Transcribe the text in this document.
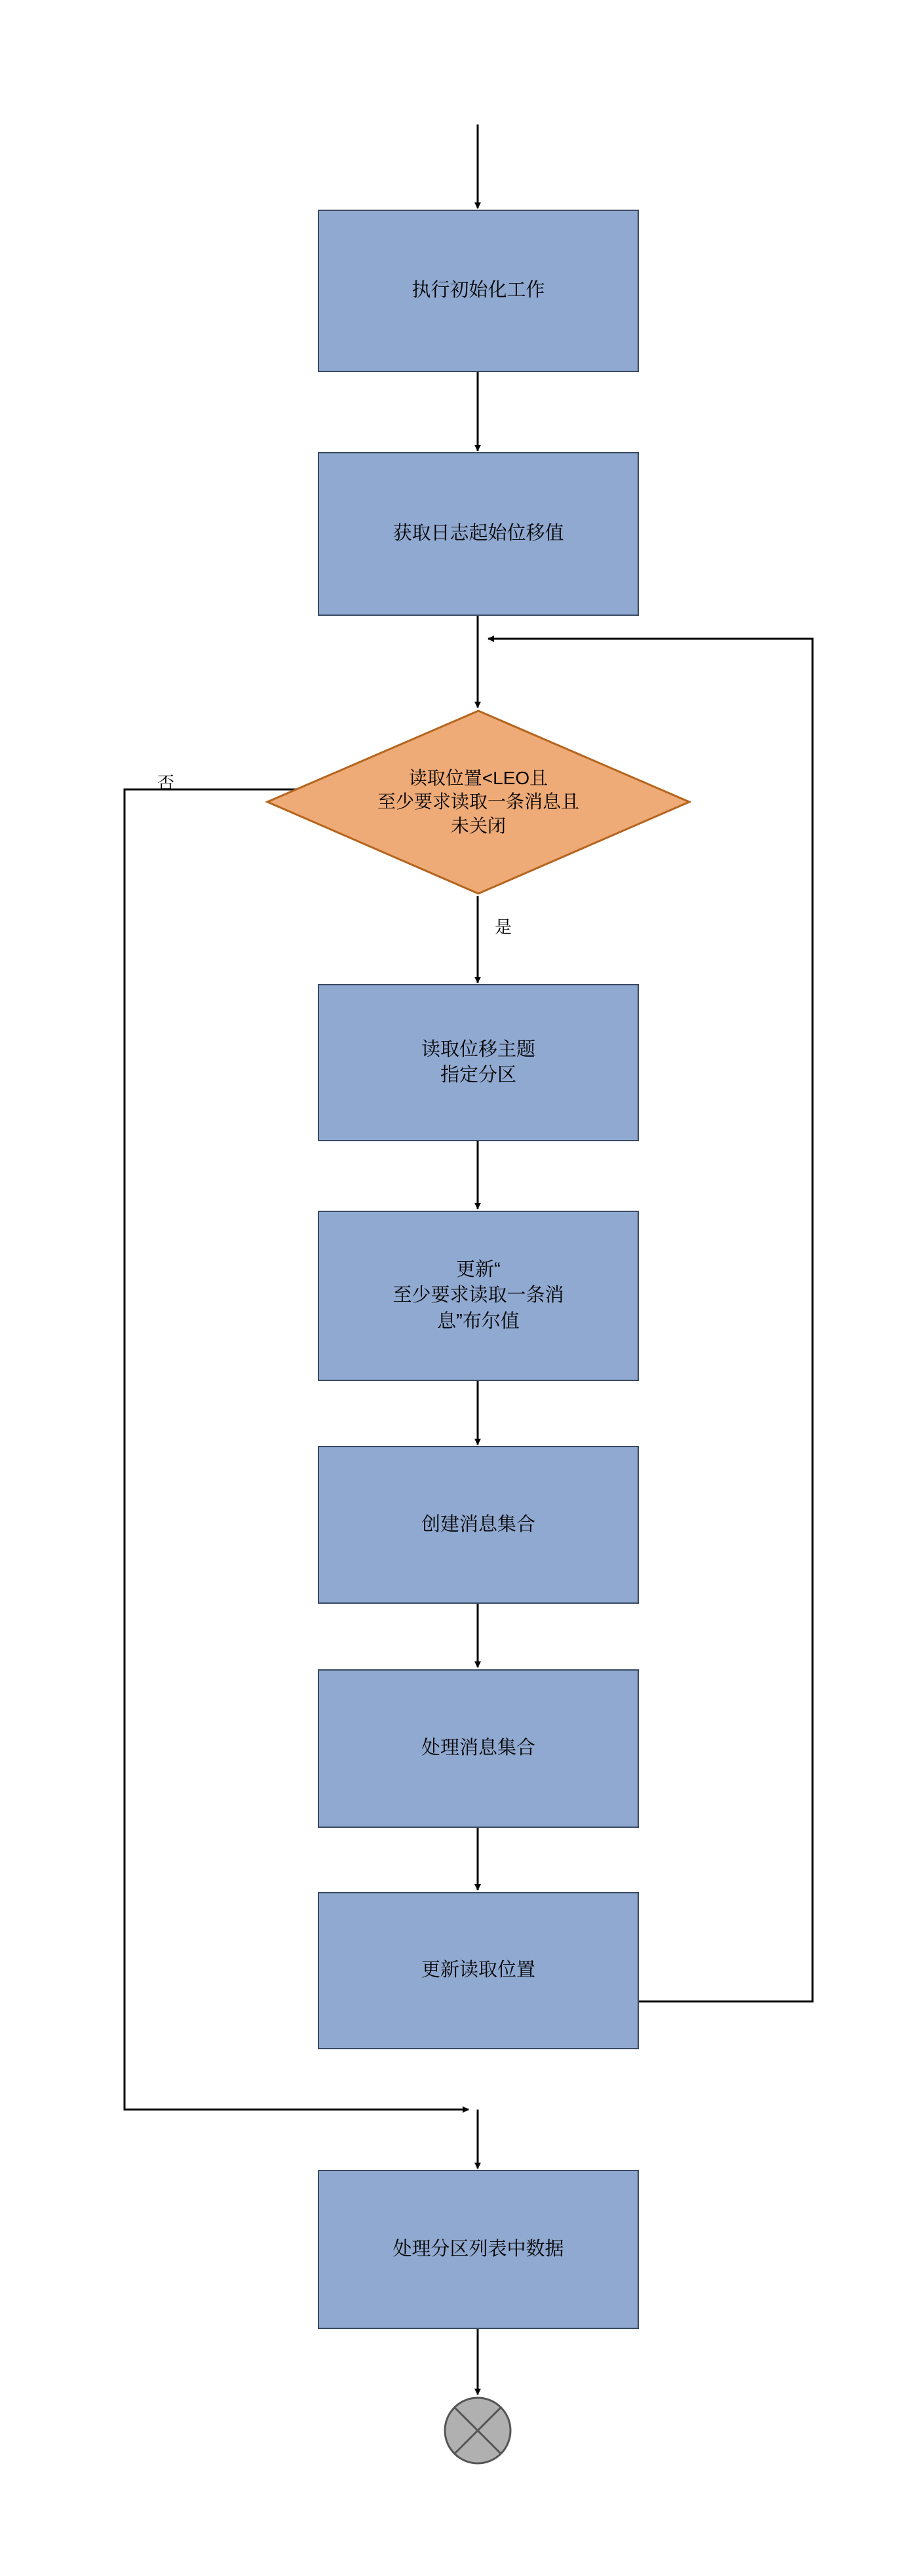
执行初始化工作
获取日志起始位移值
读取位置<LEO且
至少要求读取一条消息且
未关闭
否
是
读取位移主题
指定分区
更新“
至少要求读取一条消
息”布尔值
创建消息集合
处理消息集合
更新读取位置
处理分区列表中数据
